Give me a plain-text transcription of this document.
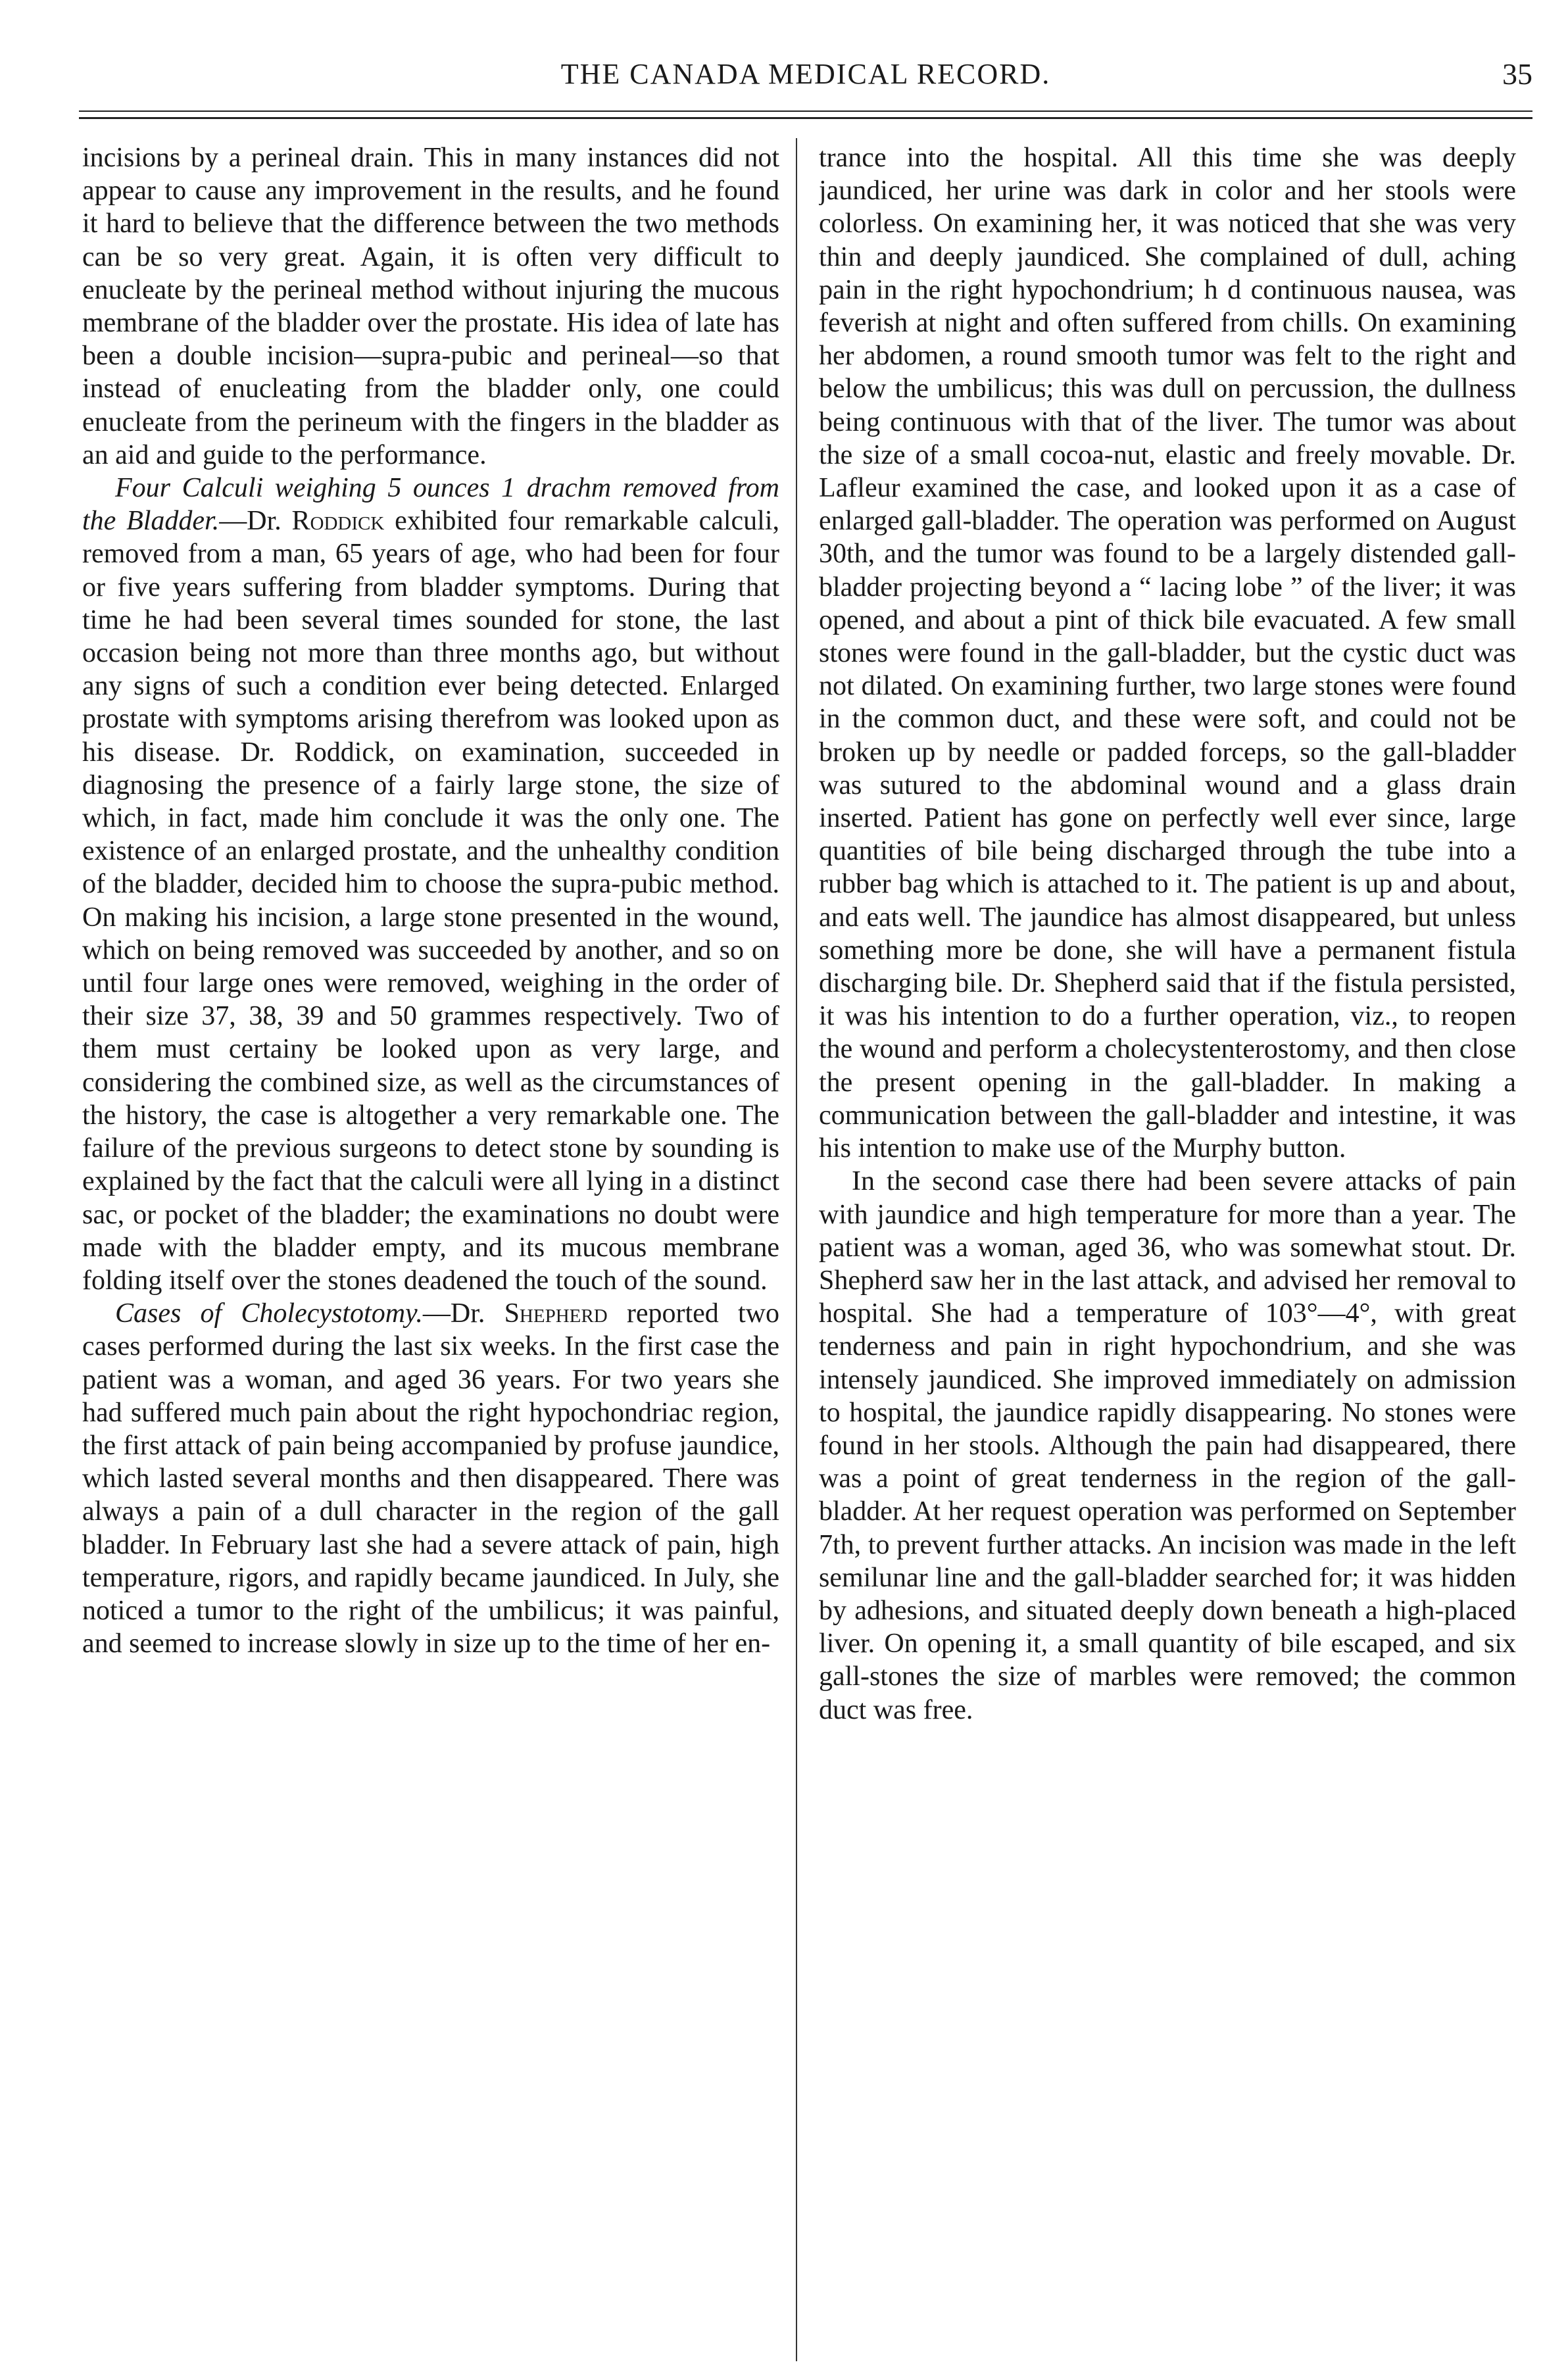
THE CANADA MEDICAL RECORD.	35

incisions by a perineal drain. This in many instances did not appear to cause any improvement in the results, and he found it hard to believe that the difference between the two methods can be so very great. Again, it is often very difficult to enucleate by the perineal method without injuring the mucous membrane of the bladder over the prostate. His idea of late has been a double incision—supra-pubic and perineal—so that instead of enucleating from the bladder only, one could enucleate from the perineum with the fingers in the bladder as an aid and guide to the performance.

Four Calculi weighing 5 ounces 1 drachm removed from the Bladder.—Dr. Roddick exhibited four remarkable calculi, removed from a man, 65 years of age, who had been for four or five years suffering from bladder symptoms. During that time he had been several times sounded for stone, the last occasion being not more than three months ago, but without any signs of such a condition ever being detected. Enlarged prostate with symptoms arising therefrom was looked upon as his disease. Dr. Roddick, on examination, succeeded in diagnosing the presence of a fairly large stone, the size of which, in fact, made him conclude it was the only one. The existence of an enlarged prostate, and the unhealthy condition of the bladder, decided him to choose the supra-pubic method. On making his incision, a large stone presented in the wound, which on being removed was succeeded by another, and so on until four large ones were removed, weighing in the order of their size 37, 38, 39 and 50 grammes respectively. Two of them must certainy be looked upon as very large, and considering the combined size, as well as the circumstances of the history, the case is altogether a very remarkable one. The failure of the previous surgeons to detect stone by sounding is explained by the fact that the calculi were all lying in a distinct sac, or pocket of the bladder; the examinations no doubt were made with the bladder empty, and its mucous membrane folding itself over the stones deadened the touch of the sound.

Cases of Cholecystotomy.—Dr. Shepherd reported two cases performed during the last six weeks. In the first case the patient was a woman, and aged 36 years. For two years she had suffered much pain about the right hypochondriac region, the first attack of pain being accompanied by profuse jaundice, which lasted several months and then disappeared. There was always a pain of a dull character in the region of the gall bladder. In February last she had a severe attack of pain, high temperature, rigors, and rapidly became jaundiced. In July, she noticed a tumor to the right of the umbilicus; it was painful, and seemed to increase slowly in size up to the time of her en-

trance into the hospital. All this time she was deeply jaundiced, her urine was dark in color and her stools were colorless. On examining her, it was noticed that she was very thin and deeply jaundiced. She complained of dull, aching pain in the right hypochondrium; h d continuous nausea, was feverish at night and often suffered from chills. On examining her abdomen, a round smooth tumor was felt to the right and below the umbilicus; this was dull on percussion, the dullness being continuous with that of the liver. The tumor was about the size of a small cocoa-nut, elastic and freely movable. Dr. Lafleur examined the case, and looked upon it as a case of enlarged gall-bladder. The operation was performed on August 30th, and the tumor was found to be a largely distended gall-bladder projecting beyond a “ lacing lobe ” of the liver; it was opened, and about a pint of thick bile evacuated. A few small stones were found in the gall-bladder, but the cystic duct was not dilated. On examining further, two large stones were found in the common duct, and these were soft, and could not be broken up by needle or padded forceps, so the gall-bladder was sutured to the abdominal wound and a glass drain inserted. Patient has gone on perfectly well ever since, large quantities of bile being discharged through the tube into a rubber bag which is attached to it. The patient is up and about, and eats well. The jaundice has almost disappeared, but unless something more be done, she will have a permanent fistula discharging bile. Dr. Shepherd said that if the fistula persisted, it was his intention to do a further operation, viz., to reopen the wound and perform a cholecystenterostomy, and then close the present opening in the gall-bladder. In making a communication between the gall-bladder and intestine, it was his intention to make use of the Murphy button.

In the second case there had been severe attacks of pain with jaundice and high temperature for more than a year. The patient was a woman, aged 36, who was somewhat stout. Dr. Shepherd saw her in the last attack, and advised her removal to hospital. She had a temperature of 103°—4°, with great tenderness and pain in right hypochondrium, and she was intensely jaundiced. She improved immediately on admission to hospital, the jaundice rapidly disappearing. No stones were found in her stools. Although the pain had disappeared, there was a point of great tenderness in the region of the gall-bladder. At her request operation was performed on September 7th, to prevent further attacks. An incision was made in the left semilunar line and the gall-bladder searched for; it was hidden by adhesions, and situated deeply down beneath a high-placed liver. On opening it, a small quantity of bile escaped, and six gall-stones the size of marbles were removed; the common duct was free.
